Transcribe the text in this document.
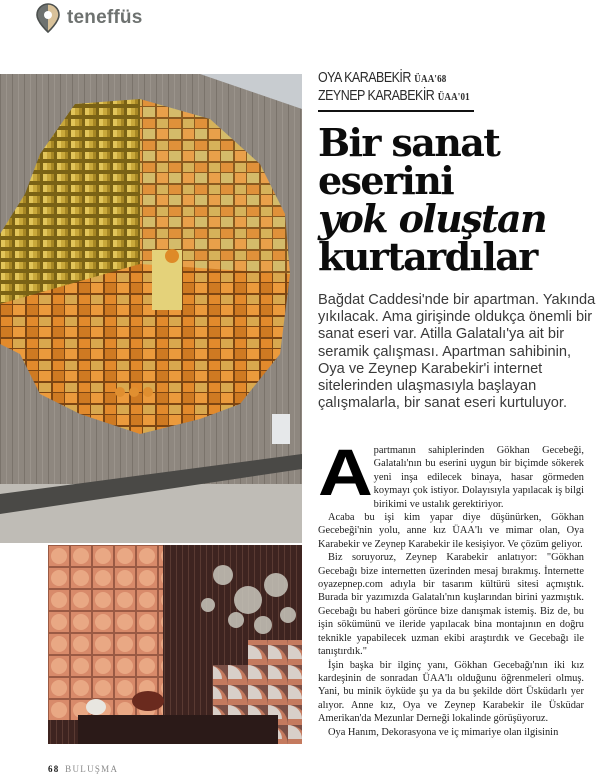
teneffüs
OYA KARABEKİR ÜAA'68
ZEYNEP KARABEKİR ÜAA'01
Bir sanat
eserini
yok oluştan
kurtardılar

Bağdat Caddesi'nde bir apartman. Yakında yıkılacak. Ama girişinde oldukça önemli bir sanat eseri var. Atilla Galatalı'ya ait bir seramik çalışması. Apartman sahibinin, Oya ve Zeynep Karabekir'i internet sitelerinden ulaşmasıyla başlayan çalışmalarla, bir sanat eseri kurtuluyor.

Apartmanın sahiplerinden Gökhan Gecebeği, Galatalı'nın bu eserini uygun bir biçimde sökerek yeni inşa edilecek binaya, hasar görmeden koymayı çok istiyor. Dolayısıyla yapılacak iş bilgi birikimi ve ustalık gerektiriyor.

Acaba bu işi kim yapar diye düşünürken, Gökhan Gecebeği'nin yolu, anne kız ÜAA'lı ve mimar olan, Oya Karabekir ve Zeynep Karabekir ile kesişiyor. Ve çözüm geliyor.

Biz soruyoruz, Zeynep Karabekir anlatıyor: "Gökhan Gecebağı bize internetten üzerinden mesaj bırakmış. İnternette oyazepnep.com adıyla bir tasarım kültürü sitesi açmıştık. Burada bir yazımızda Galatalı'nın kuşlarından birini yazmıştık. Gecebağı bu haberi görünce bize danışmak istemiş. Biz de, bu işin sökümünü ve ileride yapılacak bina montajının en doğru teknikle yapabilecek uzman ekibi araştırdık ve Gecebağı ile tanıştırdık."

İşin başka bir ilginç yanı, Gökhan Gecebağı'nın iki kız kardeşinin de sonradan ÜAA'lı olduğunu öğrenmeleri olmuş. Yani, bu minik öyküde şu ya da bu şekilde dört Üsküdarlı yer alıyor. Anne kız, Oya ve Zeynep Karabekir ile Üsküdar Amerikan'da Mezunlar Derneği lokalinde görüşüyoruz.

Oya Hanım, Dekorasyona ve iç mimariye olan ilgisinin

68 BULUŞMA
